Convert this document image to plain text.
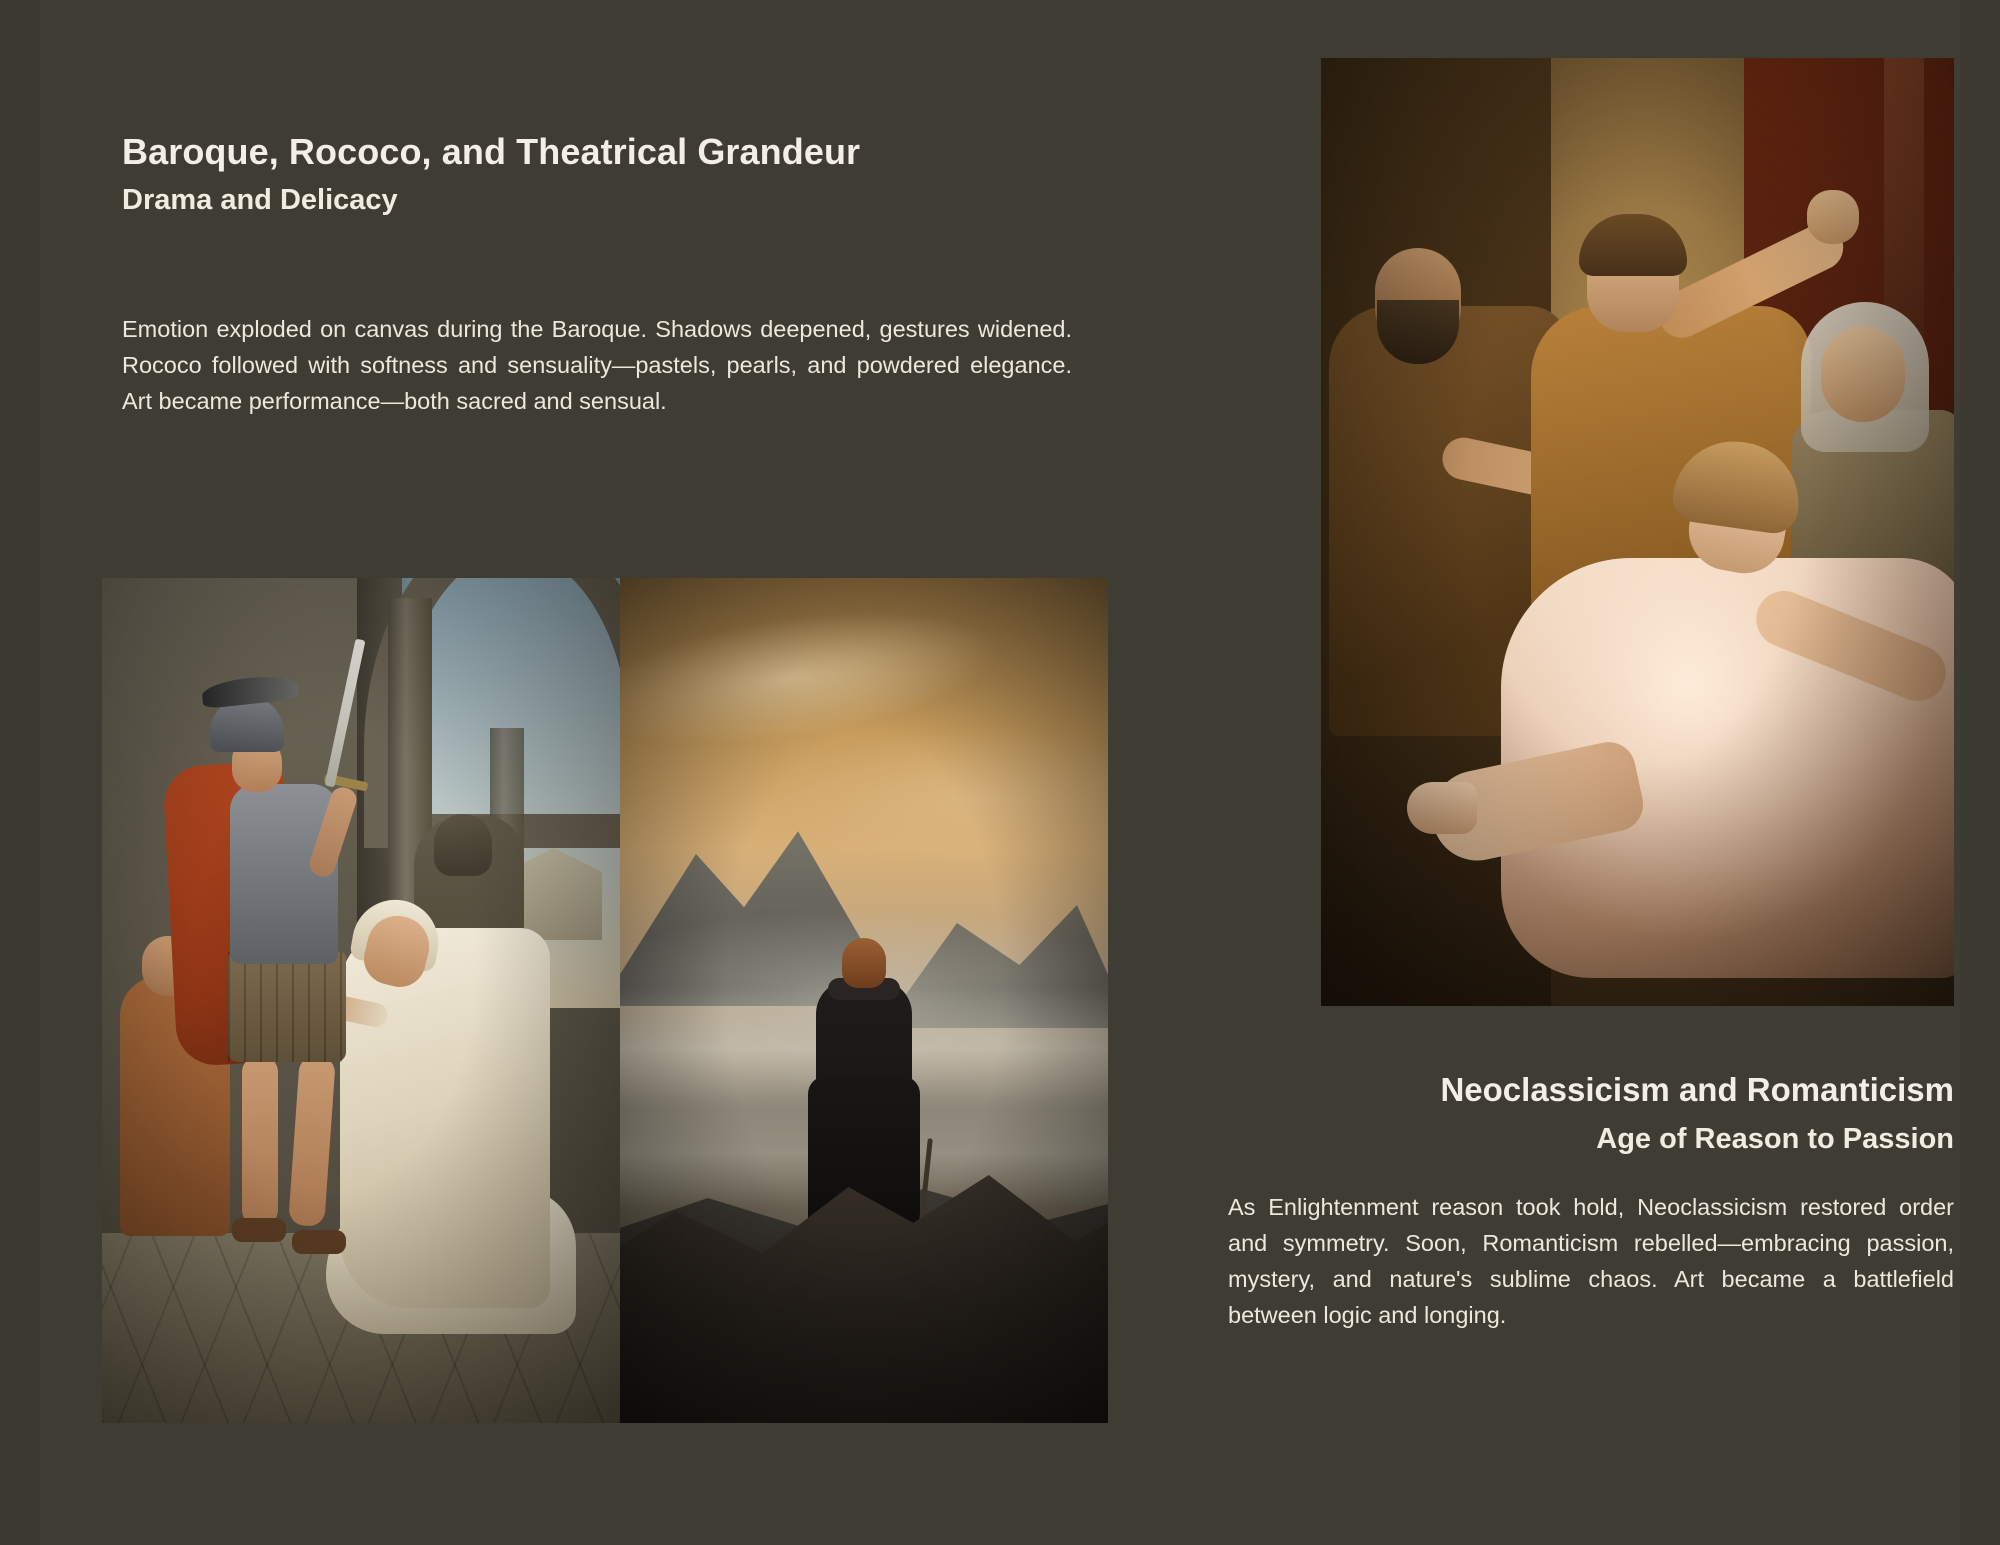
Baroque, Rococo, and Theatrical Grandeur
Drama and Delicacy

Emotion exploded on canvas during the Baroque. Shadows deepened, gestures widened. Rococo followed with softness and sensuality—pastels, pearls, and powdered elegance. Art became performance—both sacred and sensual.

Neoclassicism and Romanticism
Age of Reason to Passion

As Enlightenment reason took hold, Neoclassicism restored order and symmetry. Soon, Romanticism rebelled—embracing passion, mystery, and nature's sublime chaos. Art became a battlefield between logic and longing.
